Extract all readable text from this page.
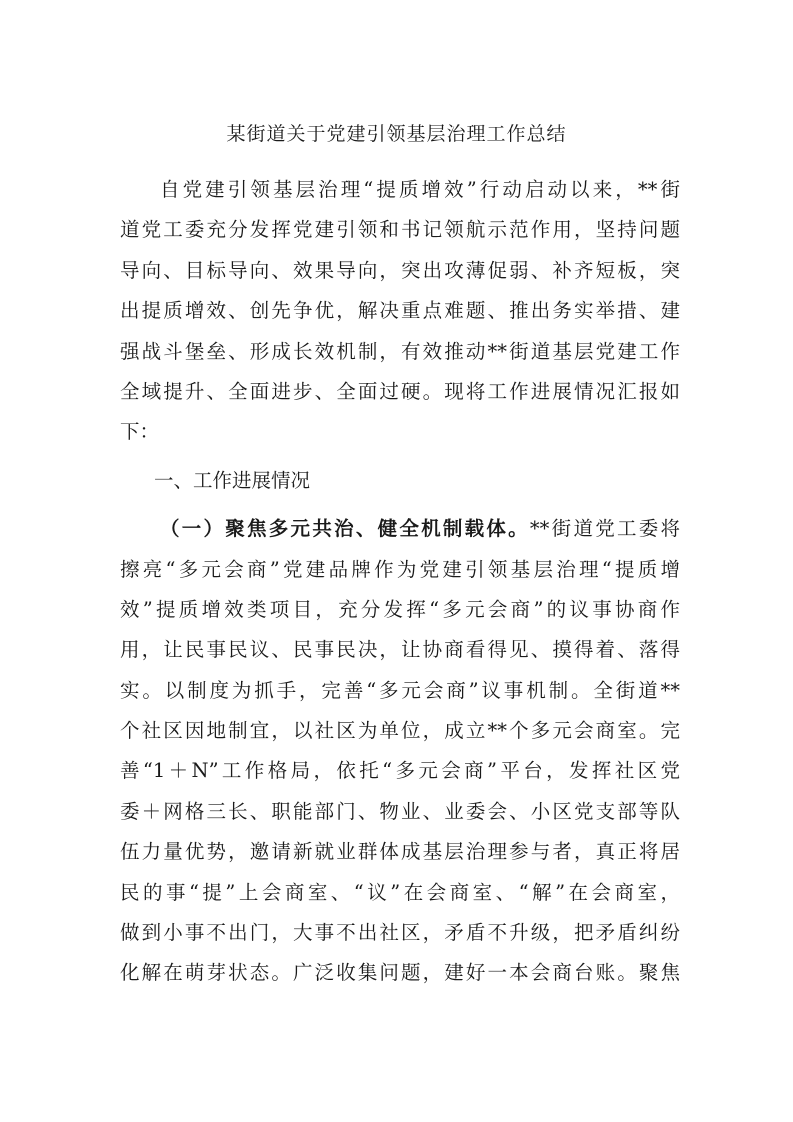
某街道关于党建引领基层治理工作总结
自党建引领基层治理“提质增效”行动启动以来，**街
道党工委充分发挥党建引领和书记领航示范作用，坚持问题
导向、目标导向、效果导向，突出攻薄促弱、补齐短板，突
出提质增效、创先争优，解决重点难题、推出务实举措、建
强战斗堡垒、形成长效机制，有效推动**街道基层党建工作
全域提升、全面进步、全面过硬。现将工作进展情况汇报如
下：
一、工作进展情况
（一）聚焦多元共治、健全机制载体。**街道党工委将
擦亮“多元会商”党建品牌作为党建引领基层治理“提质增
效”提质增效类项目，充分发挥“多元会商”的议事协商作
用，让民事民议、民事民决，让协商看得见、摸得着、落得
实。以制度为抓手，完善“多元会商”议事机制。全街道**
个社区因地制宜，以社区为单位，成立**个多元会商室。完
善“1＋N”工作格局，依托“多元会商”平台，发挥社区党
委＋网格三长、职能部门、物业、业委会、小区党支部等队
伍力量优势，邀请新就业群体成基层治理参与者，真正将居
民的事“提”上会商室、“议”在会商室、“解”在会商室，
做到小事不出门，大事不出社区，矛盾不升级，把矛盾纠纷
化解在萌芽状态。广泛收集问题，建好一本会商台账。聚焦
